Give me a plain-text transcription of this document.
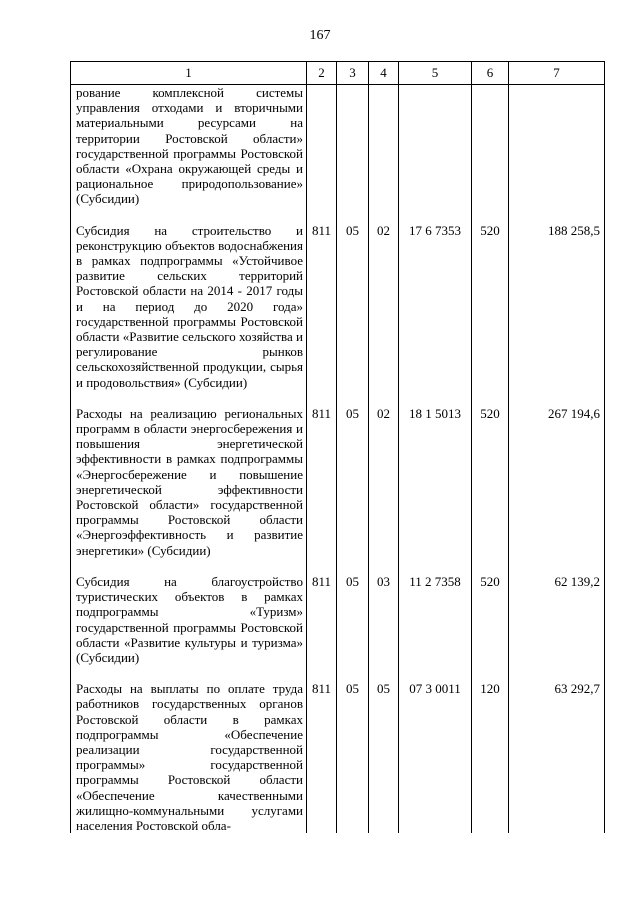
167
1	2	3	4	5	6	7
рование комплексной системы управления отходами и вторичными материальными ресурсами на территории Ростовской области» государственной программы Ростовской области «Охрана окружающей среды и рациональное природопользование» (Субсидии)						

Субсидия на строительство и реконструкцию объектов водоснабжения в рамках подпрограммы «Устойчивое развитие сельских территорий Ростовской области на 2014 - 2017 годы и на период до 2020 года» государственной программы Ростовской области «Развитие сельского хозяйства и регулирование рынков сельскохозяйственной продукции, сырья и продовольствия» (Субсидии)	811	05	02	17 6 7353	520	188 258,5

Расходы на реализацию региональных программ в области энергосбережения и повышения энергетической эффективности в рамках подпрограммы «Энергосбережение и повышение энергетической эффективности Ростовской области» государственной программы Ростовской области «Энергоэффективность и развитие энергетики» (Субсидии)	811	05	02	18 1 5013	520	267 194,6

Субсидия на благоустройство туристических объектов в рамках подпрограммы «Туризм» государственной программы Ростовской области «Развитие культуры и туризма» (Субсидии)	811	05	03	11 2 7358	520	62 139,2

Расходы на выплаты по оплате труда работников государственных органов Ростовской области в рамках подпрограммы «Обеспечение реализации государственной программы» государственной программы Ростовской области «Обеспечение качественными жилищно-коммунальными услугами населения Ростовской обла-	811	05	05	07 3 0011	120	63 292,7
